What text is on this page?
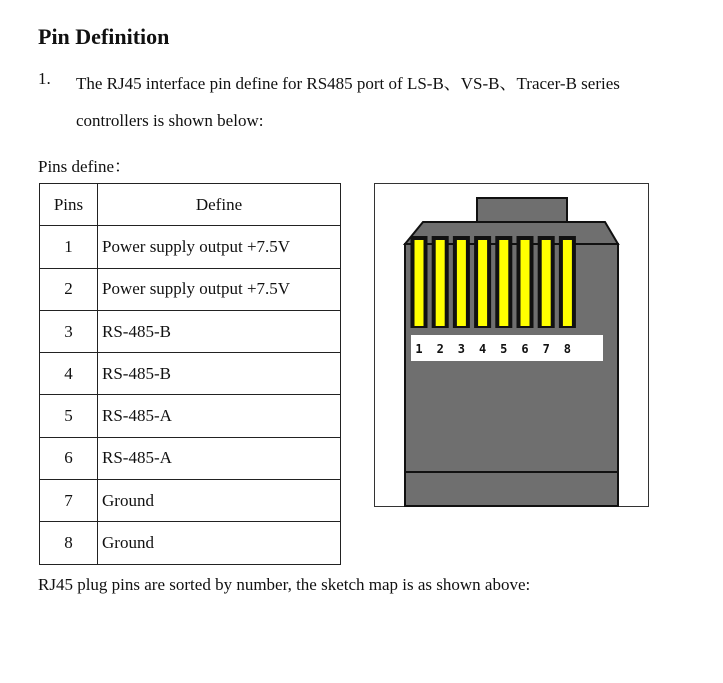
Pin Definition
1. The RJ45 interface pin define for RS485 port of LS-B、VS-B、Tracer-B series
controllers is shown below:
Pins define：
Pins	Define
1	Power supply output +7.5V
2	Power supply output +7.5V
3	RS-485-B
4	RS-485-B
5	RS-485-A
6	RS-485-A
7	Ground
8	Ground
1 2 3 4 5 6 7 8
RJ45 plug pins are sorted by number, the sketch map is as shown above:
